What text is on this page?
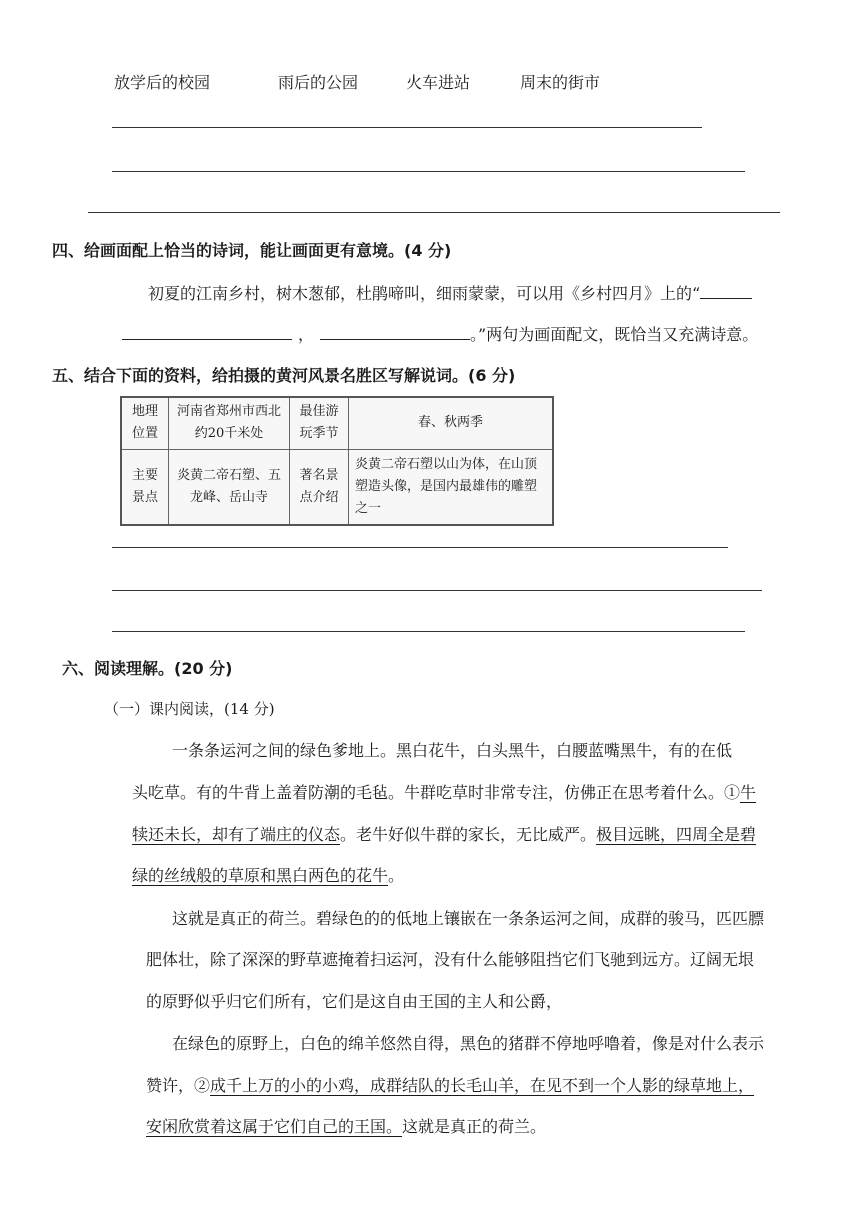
放学后的校园	雨后的公园	火车进站	周末的街市
四、给画面配上恰当的诗词，能让画面更有意境。(4 分)
初夏的江南乡村，树木葱郁，杜鹃啼叫，细雨蒙蒙，可以用《乡村四月》上的“
，	。”两句为画面配文，既恰当又充满诗意。
五、结合下面的资料，给拍摄的黄河风景名胜区写解说词。(6 分)
地理位置	河南省郑州市西北约20千米处	最佳游玩季节	春、秋两季
主要景点	炎黄二帝石塑、五龙峰、岳山寺	著名景点介绍	炎黄二帝石塑以山为体，在山顶塑造头像，是国内最雄伟的雕塑之一
六、阅读理解。(20 分)
（一）课内阅读，(14 分)
一条条运河之间的绿色爹地上。黑白花牛，白头黑牛，白腰蓝嘴黑牛，有的在低
头吃草。有的牛背上盖着防潮的毛毡。牛群吃草时非常专注，仿佛正在思考着什么。①牛
犊还未长，却有了端庄的仪态。老牛好似牛群的家长，无比威严。极目远眺，四周全是碧
绿的丝绒般的草原和黑白两色的花牛。
这就是真正的荷兰。碧绿色的的低地上镶嵌在一条条运河之间，成群的骏马，匹匹膘
肥体壮，除了深深的野草遮掩着扫运河，没有什么能够阻挡它们飞驰到远方。辽阔无垠
的原野似乎归它们所有，它们是这自由王国的主人和公爵，
在绿色的原野上，白色的绵羊悠然自得，黑色的猪群不停地呼噜着，像是对什么表示
赞许，②成千上万的小的小鸡，成群结队的长毛山羊，在见不到一个人影的绿草地上，
安闲欣赏着这属于它们自己的王国。这就是真正的荷兰。
